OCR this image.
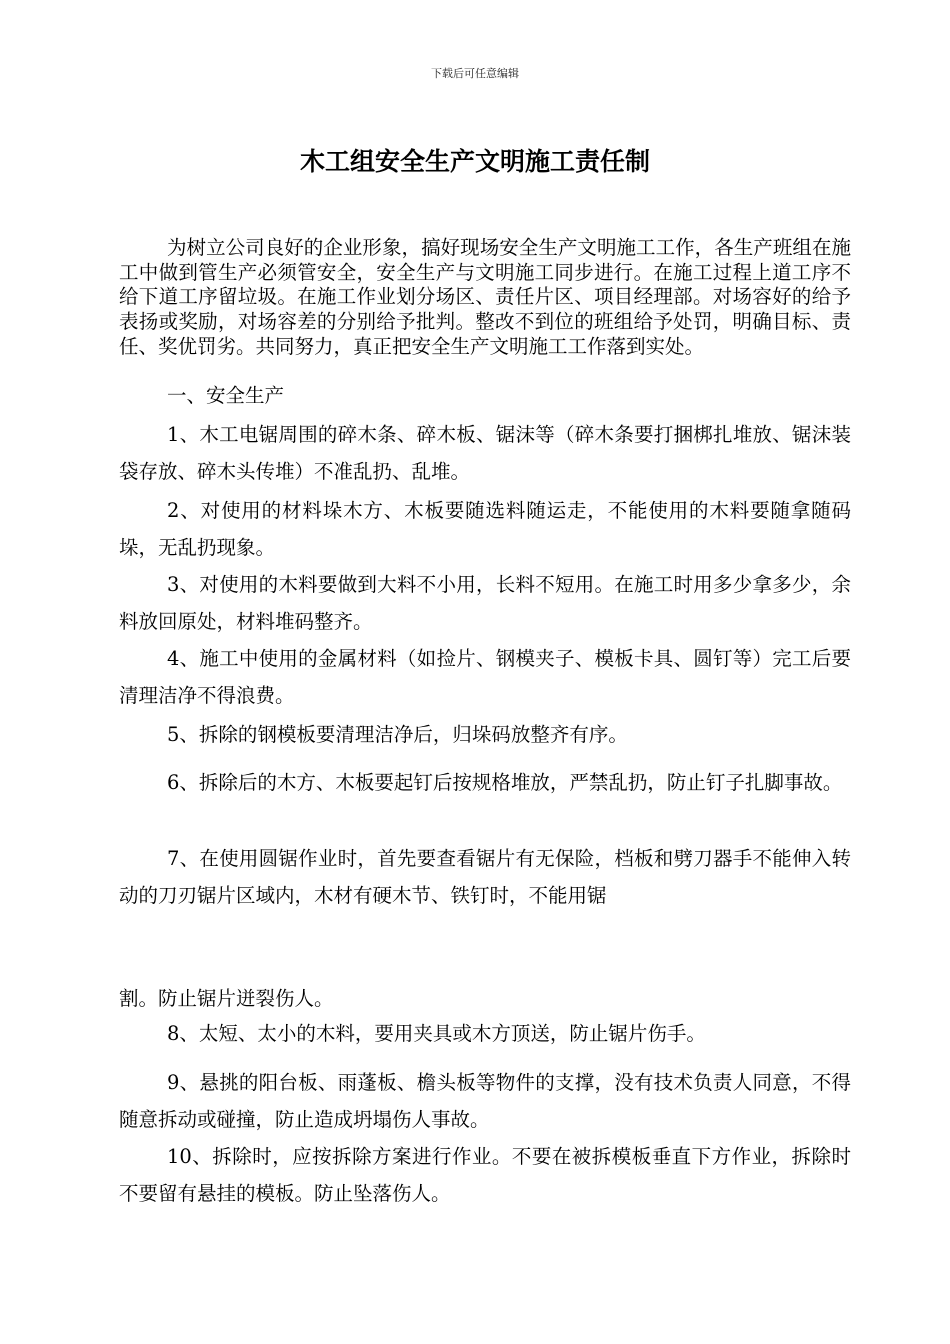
下载后可任意编辑
木工组安全生产文明施工责任制

为树立公司良好的企业形象，搞好现场安全生产文明施工工作，各生产班组在施工中做到管生产必须管安全，安全生产与文明施工同步进行。在施工过程上道工序不给下道工序留垃圾。在施工作业划分场区、责任片区、项目经理部。对场容好的给予表扬或奖励，对场容差的分别给予批判。整改不到位的班组给予处罚，明确目标、责任、奖优罚劣。共同努力，真正把安全生产文明施工工作落到实处。

一、安全生产

1、木工电锯周围的碎木条、碎木板、锯沫等（碎木条要打捆梆扎堆放、锯沫装袋存放、碎木头传堆）不准乱扔、乱堆。

2、对使用的材料垛木方、木板要随选料随运走，不能使用的木料要随拿随码垛，无乱扔现象。

3、对使用的木料要做到大料不小用，长料不短用。在施工时用多少拿多少，余料放回原处，材料堆码整齐。

4、施工中使用的金属材料（如捡片、钢模夹子、模板卡具、圆钉等）完工后要清理洁净不得浪费。

5、拆除的钢模板要清理洁净后，归垛码放整齐有序。

6、拆除后的木方、木板要起钉后按规格堆放，严禁乱扔，防止钉子扎脚事故。

7、在使用圆锯作业时，首先要查看锯片有无保险，档板和劈刀器手不能伸入转动的刀刃锯片区域内，木材有硬木节、铁钉时，不能用锯

割。防止锯片迸裂伤人。

8、太短、太小的木料，要用夹具或木方顶送，防止锯片伤手。

9、悬挑的阳台板、雨蓬板、檐头板等物件的支撑，没有技术负责人同意，不得随意拆动或碰撞，防止造成坍塌伤人事故。

10、拆除时，应按拆除方案进行作业。不要在被拆模板垂直下方作业，拆除时不要留有悬挂的模板。防止坠落伤人。
